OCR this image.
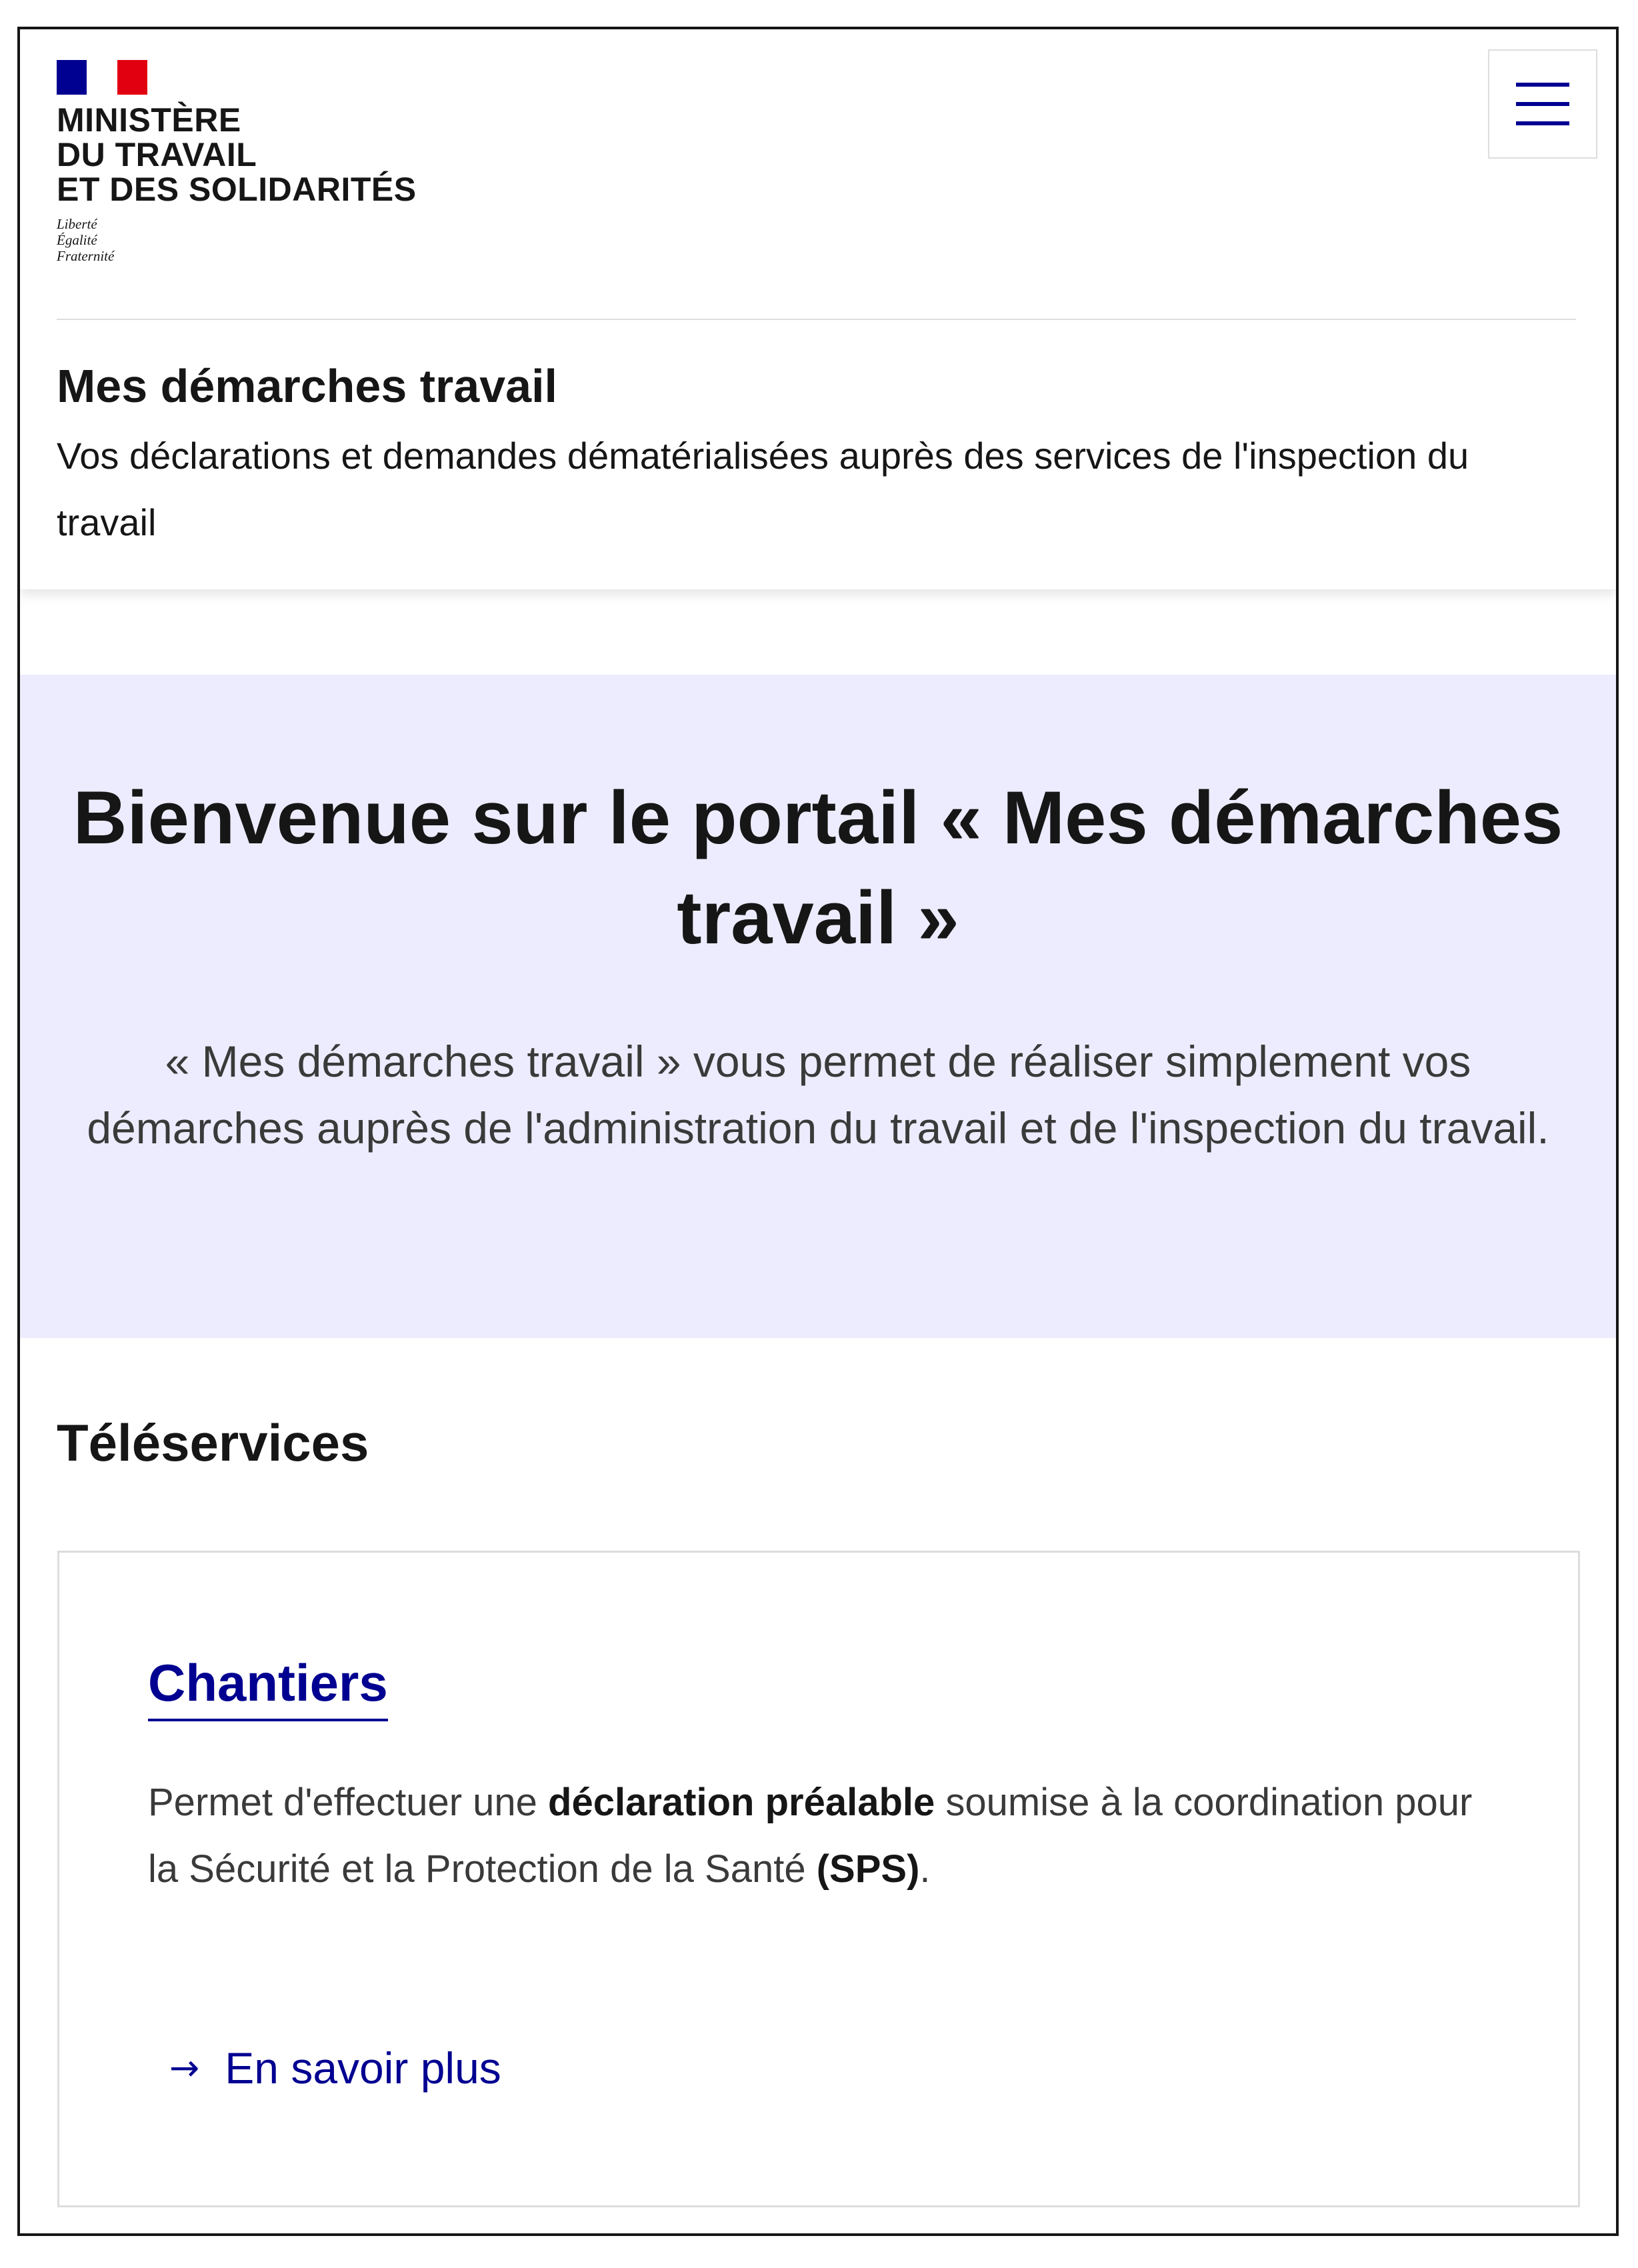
MINISTÈRE
DU TRAVAIL
ET DES SOLIDARITÉS
Liberté
Égalité
Fraternité

Mes démarches travail

Vos déclarations et demandes dématérialisées auprès des services de l'inspection du travail

Bienvenue sur le portail « Mes démarches travail »

« Mes démarches travail » vous permet de réaliser simplement vos démarches auprès de l'administration du travail et de l'inspection du travail.

Téléservices
Chantiers

Permet d'effectuer une déclaration préalable soumise à la coordination pour la Sécurité et la Protection de la Santé (SPS).

→ En savoir plus
